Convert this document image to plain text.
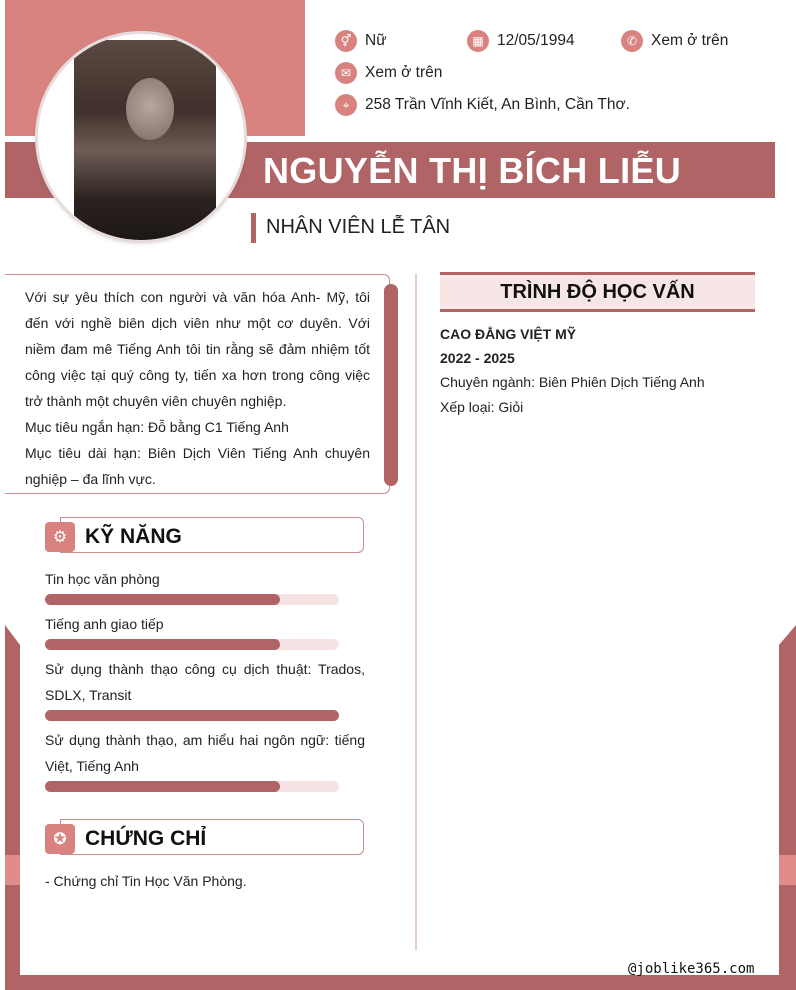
⚥ Nữ	▦ 12/05/1994	✆ Xem ở trên
✉ Xem ở trên
⌖	258 Trần Vĩnh Kiết, An Bình, Cần Thơ.
NGUYỄN THỊ BÍCH LIỄU
NHÂN VIÊN LỄ TÂN

Với sự yêu thích con người và văn hóa Anh- Mỹ, tôi đến với nghề biên dịch viên như một cơ duyên. Với niềm đam mê Tiếng Anh tôi tin rằng sẽ đảm nhiệm tốt công việc tại quý công ty, tiến xa hơn trong công việc trở thành một chuyên viên chuyên nghiệp.

Mục tiêu ngắn hạn: Đỗ bằng C1 Tiếng Anh

Mục tiêu dài hạn: Biên Dịch Viên Tiếng Anh chuyên nghiệp – đa lĩnh vực.

⚙ KỸ NĂNG
Tin học văn phòng
Tiếng anh giao tiếp
Sử dụng thành thạo công cụ dịch thuật: Trados, SDLX, Transit
Sử dụng thành thạo, am hiểu hai ngôn ngữ: tiếng Việt, Tiếng Anh
✪ CHỨNG CHỈ
- Chứng chỉ Tin Học Văn Phòng.
TRÌNH ĐỘ HỌC VẤN
CAO ĐẲNG VIỆT MỸ
2022 - 2025
Chuyên ngành: Biên Phiên Dịch Tiếng Anh
Xếp loại: Giỏi
@joblike365.com
